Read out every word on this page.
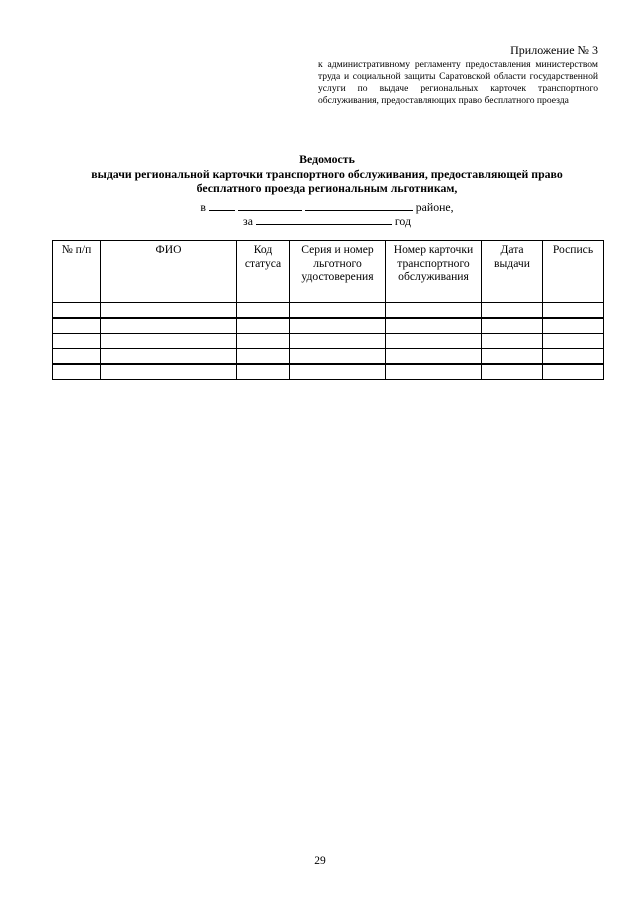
Приложение № 3
к административному регламенту предоставления министерством труда и социальной защиты Саратовской области государственной услуги по выдаче региональных карточек транспортного обслуживания, предоставляющих право бесплатного проезда
Ведомость
выдачи региональной карточки транспортного обслуживания, предоставляющей право
бесплатного проезда региональным льготникам,
в	районе,
за	год
№ п/п	ФИО	Код статуса	Серия и номер льготного удостоверения	Номер карточки транспортного обслуживания	Дата выдачи	Роспись

29
